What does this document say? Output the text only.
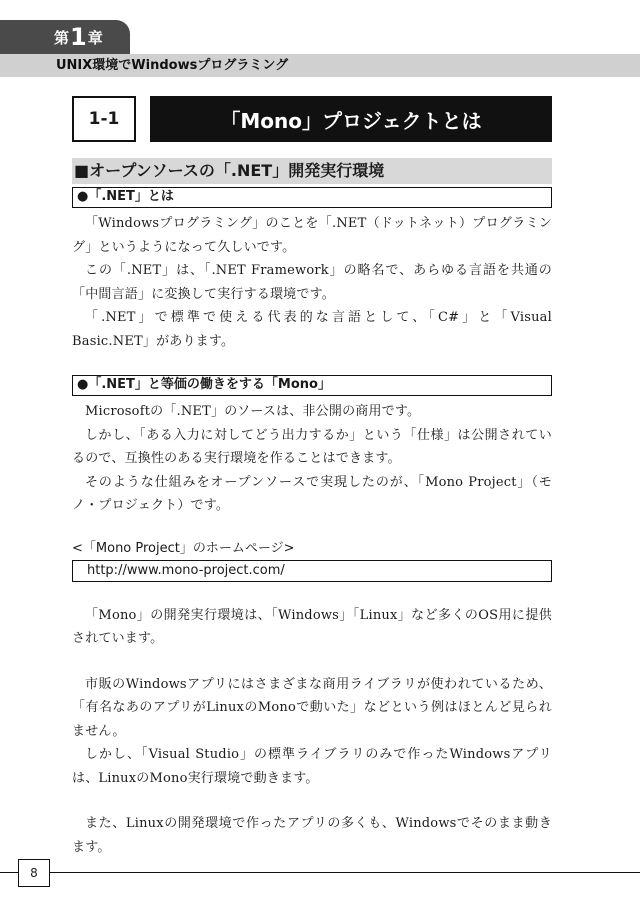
第 1 章
UNIX環境でWindowsプログラミング
1-1	「Mono」プロジェクトとは
■オープンソースの「.NET」開発実行環境
●「.NET」とは

「Windowsプログラミング」のことを「.NET（ドットネット）プログラミング」というようになって久しいです。

この「.NET」は、「.NET Framework」の略名で、あらゆる言語を共通の「中間言語」に変換して実行する環境です。

「.NET」で標準で使える代表的な言語として、「C#」と「Visual Basic.NET」があります。

●「.NET」と等価の働きをする「Mono」

Microsoftの「.NET」のソースは、非公開の商用です。

しかし、「ある入力に対してどう出力するか」という「仕様」は公開されているので、互換性のある実行環境を作ることはできます。

そのような仕組みをオープンソースで実現したのが、「Mono Project」（モノ・プロジェクト）です。

<「Mono Project」のホームページ>
http://www.mono-project.com/

「Mono」の開発実行環境は、「Windows」「Linux」など多くのOS用に提供されています。

市販のWindowsアプリにはさまざまな商用ライブラリが使われているため、「有名なあのアプリがLinuxのMonoで動いた」などという例はほとんど見られません。

しかし、「Visual Studio」の標準ライブラリのみで作ったWindowsアプリは、LinuxのMono実行環境で動きます。

また、Linuxの開発環境で作ったアプリの多くも、Windowsでそのまま動きます。

8
